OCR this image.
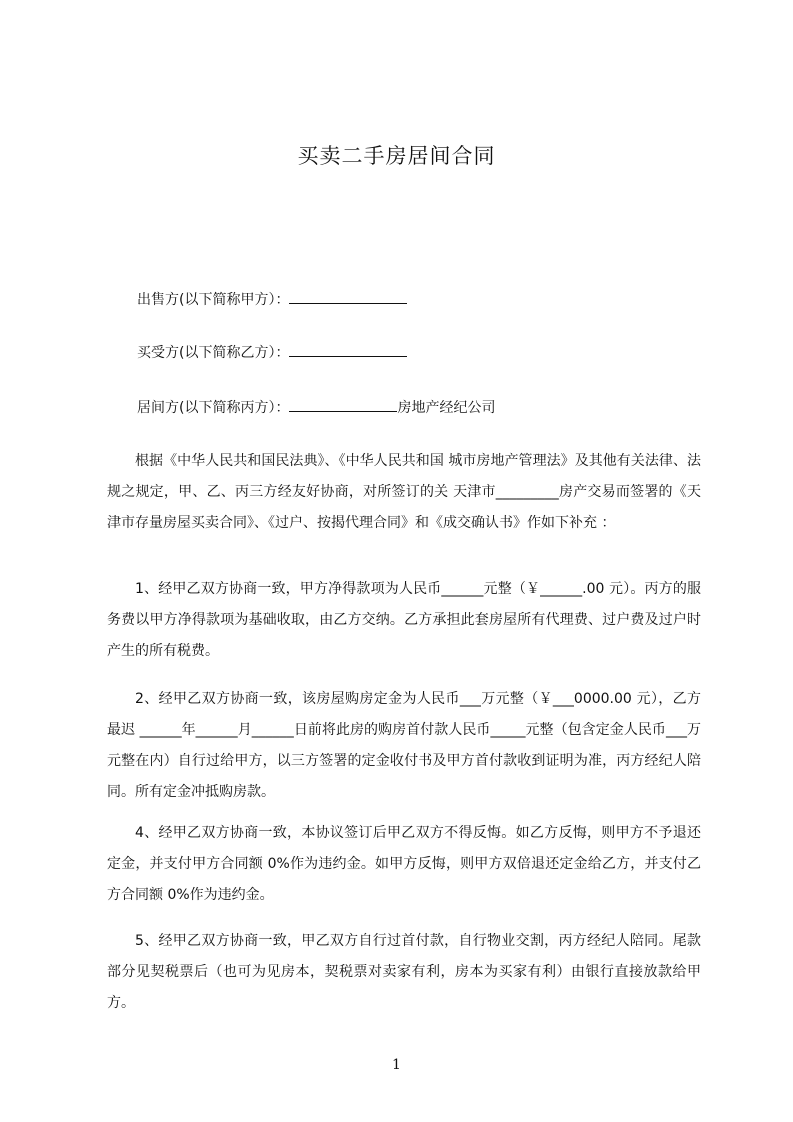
买卖二手房居间合同
出售方(以下简称甲方）：
买受方(以下简称乙方）：
居间方(以下简称丙方）：	房地产经纪公司

根据《中华人民共和国民法典》、《中华人民共和国 城市房地产管理法》及其他有关法律、法规之规定，甲、乙、丙三方经友好协商，对所签订的关 天津市_________房产交易而签署的《天津市存量房屋买卖合同》、《过户、按揭代理合同》和《成交确认书》作如下补充 ：

1、经甲乙双方协商一致，甲方净得款项为人民币______元整（￥______.00 元）。丙方的服务费以甲方净得款项为基础收取，由乙方交纳。乙方承担此套房屋所有代理费、过户费及过户时产生的所有税费。

2、经甲乙双方协商一致，该房屋购房定金为人民币___万元整（￥___0000.00 元），乙方最迟 ______年______月______日前将此房的购房首付款人民币_____元整（包含定金人民币___万元整在内）自行过给甲方，以三方签署的定金收付书及甲方首付款收到证明为准，丙方经纪人陪同。所有定金冲抵购房款。

4、经甲乙双方协商一致，本协议签订后甲乙双方不得反悔。如乙方反悔，则甲方不予退还定金，并支付甲方合同额 0%作为违约金。如甲方反悔，则甲方双倍退还定金给乙方，并支付乙方合同额 0%作为违约金。

5、经甲乙双方协商一致，甲乙双方自行过首付款，自行物业交割，丙方经纪人陪同。尾款部分见契税票后（也可为见房本，契税票对卖家有利，房本为买家有利）由银行直接放款给甲方。

1
